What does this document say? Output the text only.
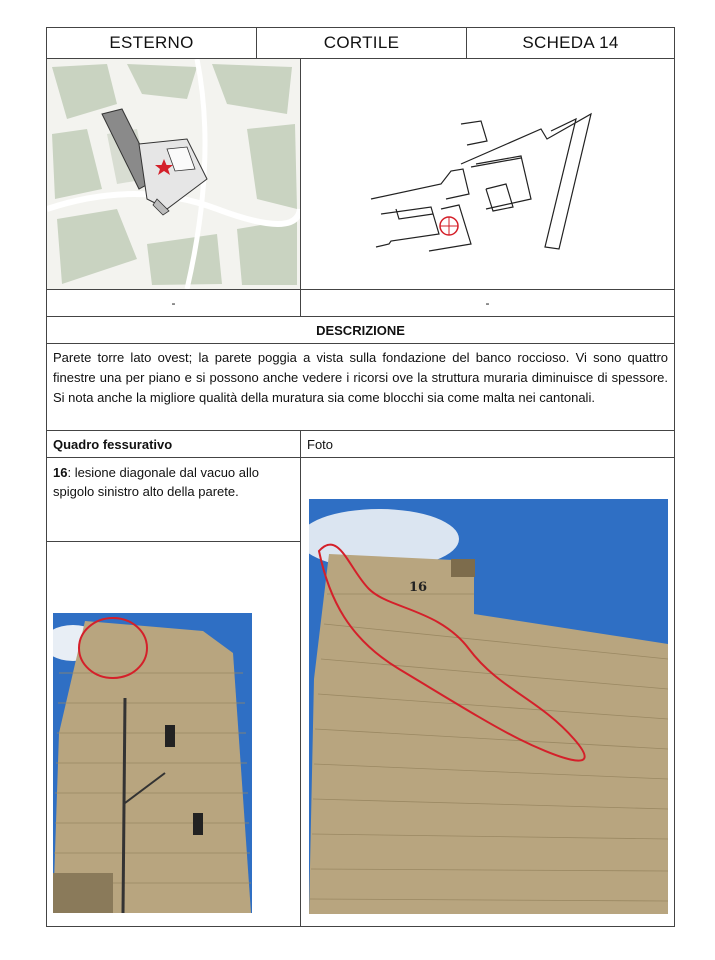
ESTERNO	CORTILE	SCHEDA 14
-	-
DESCRIZIONE
Parete torre lato ovest; la parete poggia a vista sulla fondazione del banco roccioso. Vi sono quattro finestre una per piano e si possono anche vedere i ricorsi ove la struttura muraria diminuisce di spessore. Si nota anche la migliore qualità della muratura sia come blocchi sia come malta nei cantonali.
Quadro fessurativo	Foto
16: lesione diagonale dal vacuo allo spigolo sinistro alto della parete.
16
